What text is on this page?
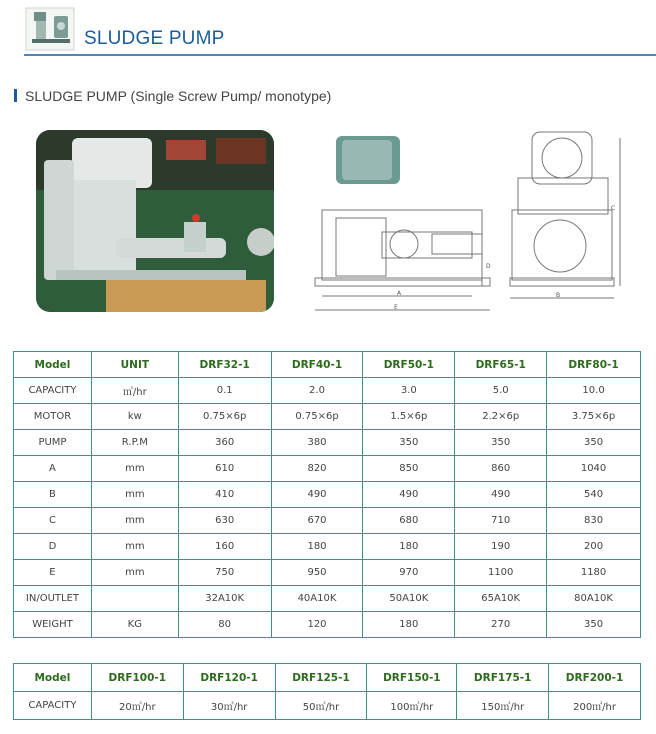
SLUDGE PUMP
SLUDGE PUMP (Single Screw Pump/ monotype)
A	B
C
D
E
Model	UNIT	DRF32-1	DRF40-1	DRF50-1	DRF65-1	DRF80-1
CAPACITY	㎥/hr	0.1	2.0	3.0	5.0	10.0
MOTOR	kw	0.75×6p	0.75×6p	1.5×6p	2.2×6p	3.75×6p
PUMP	R.P.M	360	380	350	350	350
A	mm	610	820	850	860	1040
B	mm	410	490	490	490	540
C	mm	630	670	680	710	830
D	mm	160	180	180	190	200
E	mm	750	950	970	1100	1180
IN/OUTLET		32A10K	40A10K	50A10K	65A10K	80A10K
WEIGHT	KG	80	120	180	270	350
Model	DRF100-1	DRF120-1	DRF125-1	DRF150-1	DRF175-1	DRF200-1
CAPACITY	20㎥/hr	30㎥/hr	50㎥/hr	100㎥/hr	150㎥/hr	200㎥/hr
